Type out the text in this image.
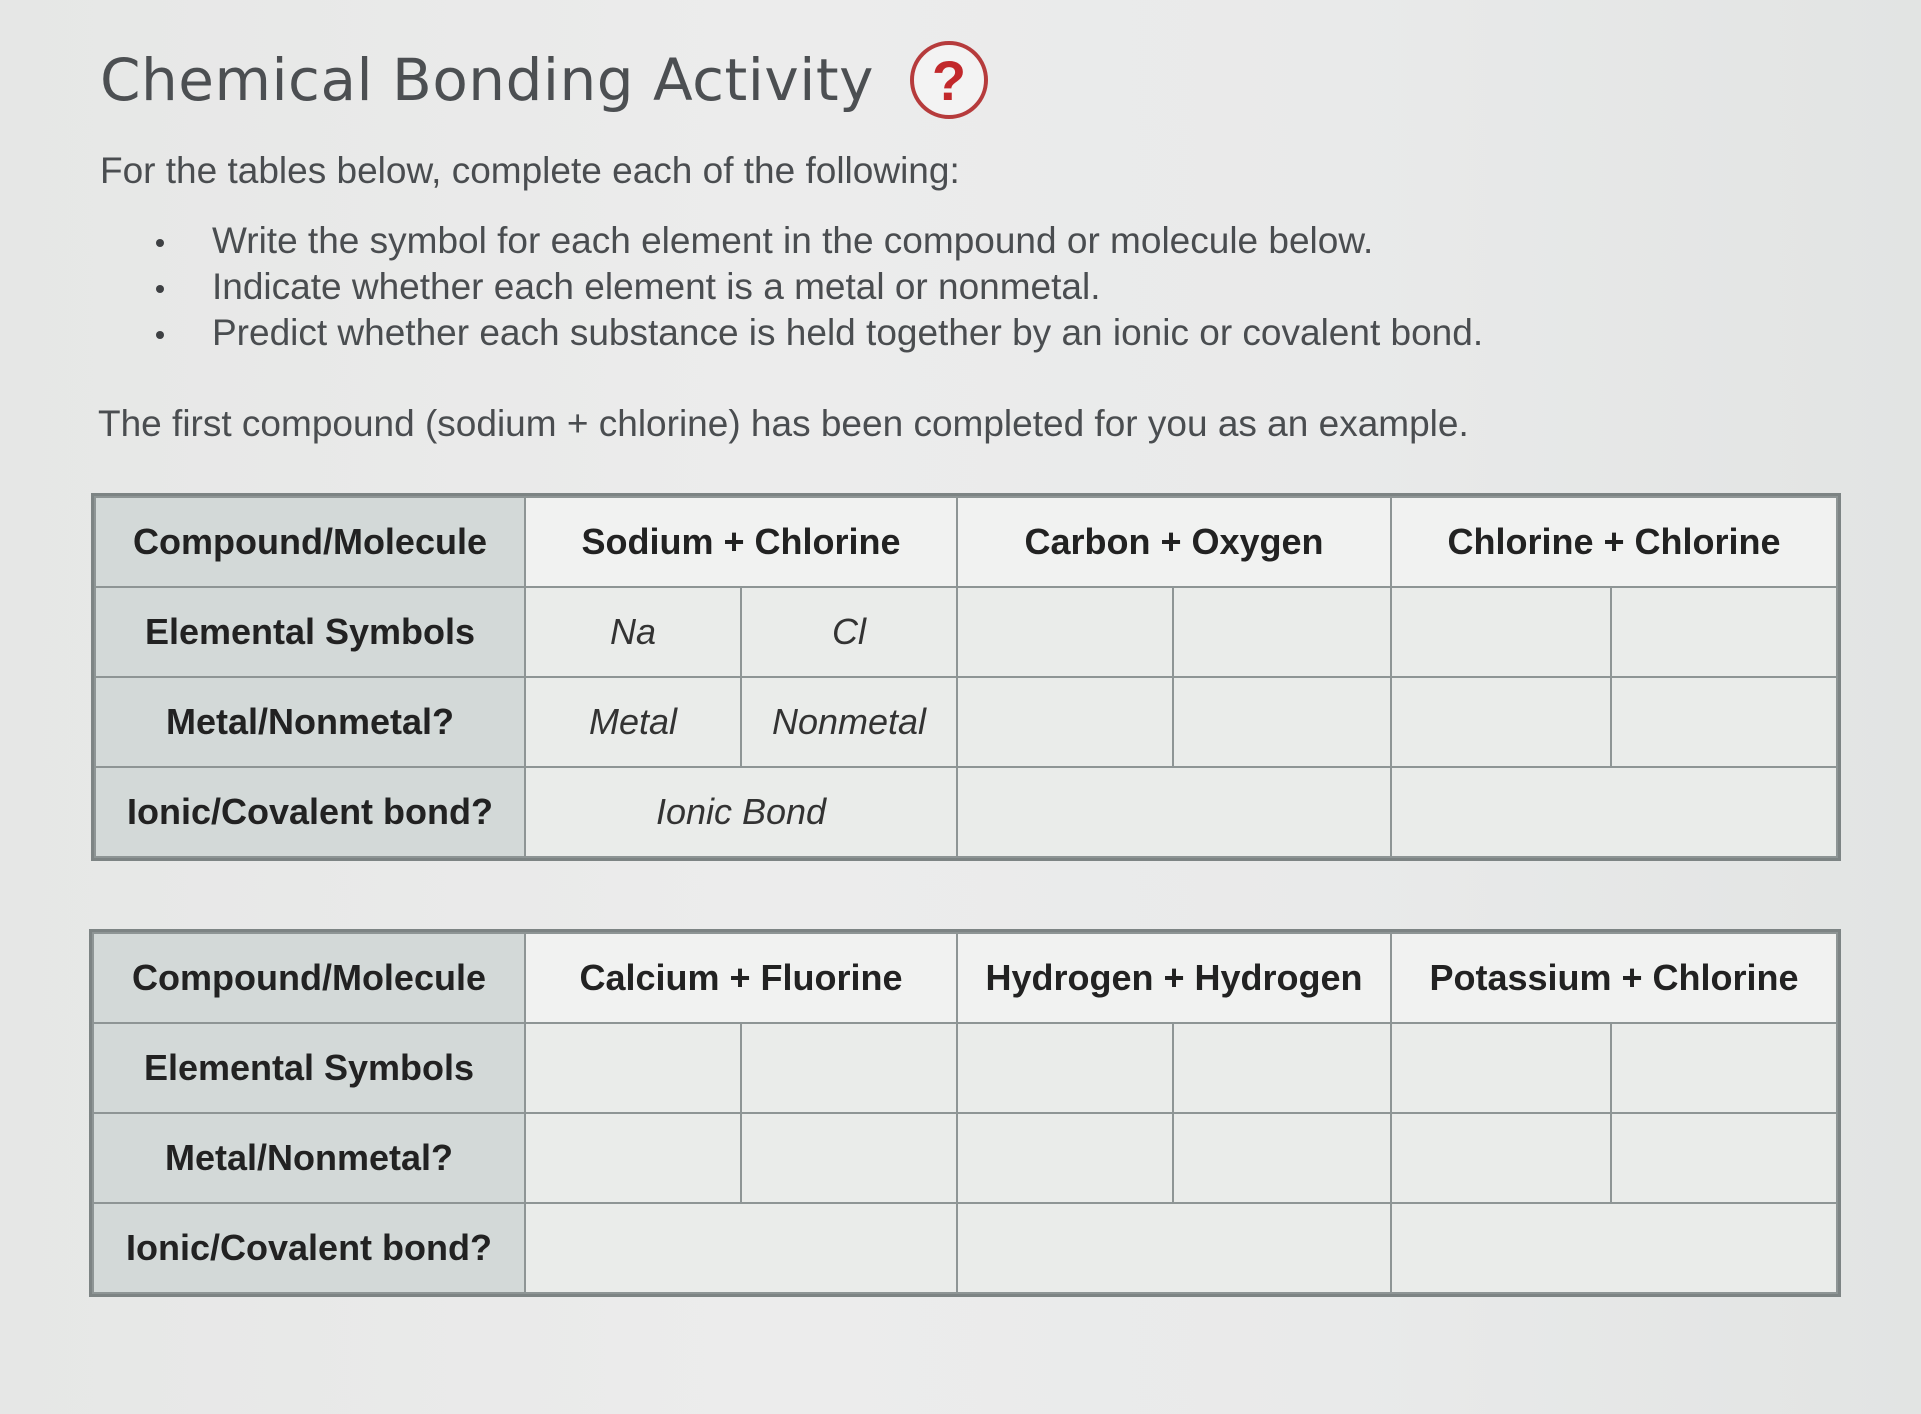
Chemical Bonding Activity	?
For the tables below, complete each of the following:
Write the symbol for each element in the compound or molecule below.
Indicate whether each element is a metal or nonmetal.
Predict whether each substance is held together by an ionic or covalent bond.
The first compound (sodium + chlorine) has been completed for you as an example.
Compound/Molecule	Sodium + Chlorine		Carbon + Oxygen		Chlorine + Chlorine	
Elemental Symbols	Na	Cl				
Metal/Nonmetal?	Metal	Nonmetal				
Ionic/Covalent bond?	Ionic Bond					
Compound/Molecule	Calcium + Fluorine		Hydrogen + Hydrogen		Potassium + Chlorine	
Elemental Symbols						
Metal/Nonmetal?						
Ionic/Covalent bond?						
